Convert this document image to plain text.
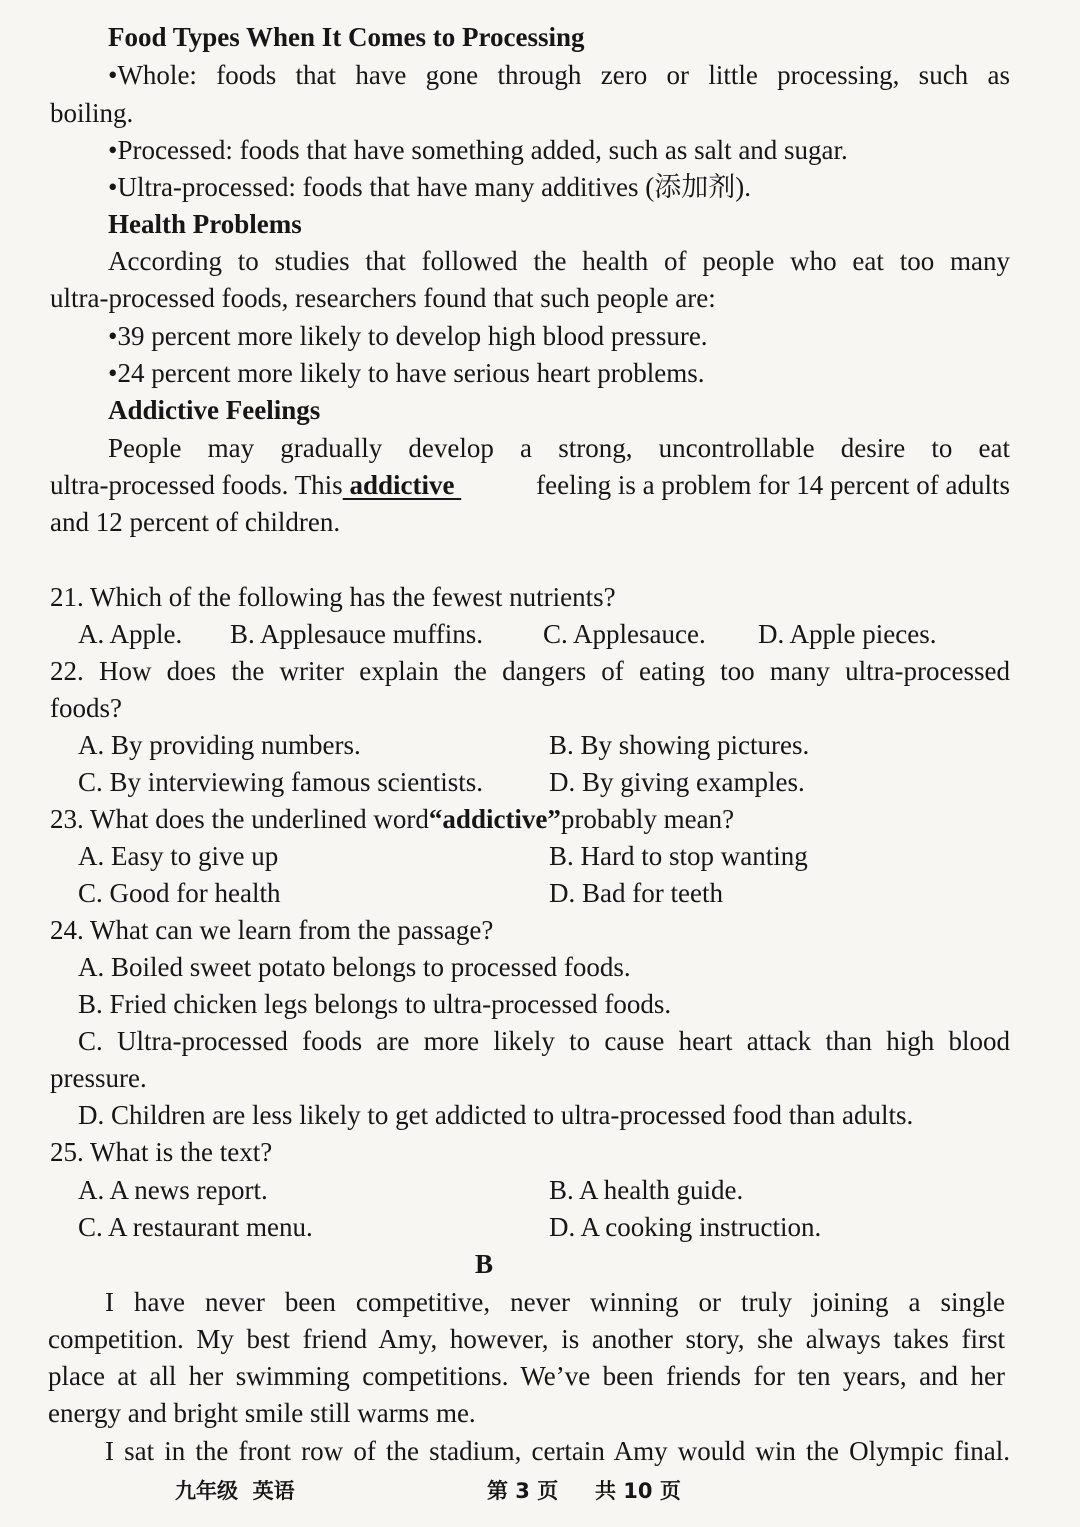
Food Types When It Comes to Processing
•Whole: foods that have gone through zero or little processing, such as
boiling.
•Processed: foods that have something added, such as salt and sugar.
•Ultra-processed: foods that have many additives (添加剂).
Health Problems
According to studies that followed the health of people who eat too many
ultra-processed foods, researchers found that such people are:
•39 percent more likely to develop high blood pressure.
•24 percent more likely to have serious heart problems.
Addictive Feelings
People may gradually develop a strong, uncontrollable desire to eat
ultra-processed foods. This addictive	feeling is a problem for 14 percent of adults
and 12 percent of children.
21. Which of the following has the fewest nutrients?
A. Apple. B. Applesauce muffins. C. Applesauce. D. Apple pieces.
22. How does the writer explain the dangers of eating too many ultra-processed
foods?
A. By providing numbers.	B. By showing pictures.
C. By interviewing famous scientists. D. By giving examples.
23. What does the underlined word“addictive”probably mean?
A. Easy to give up	B. Hard to stop wanting
C. Good for health	D. Bad for teeth
24. What can we learn from the passage?
A. Boiled sweet potato belongs to processed foods.
B. Fried chicken legs belongs to ultra-processed foods.
C. Ultra-processed foods are more likely to cause heart attack than high blood
pressure.
D. Children are less likely to get addicted to ultra-processed food than adults.
25. What is the text?
A. A news report.	B. A health guide.
C. A restaurant menu.	D. A cooking instruction.
B
I have never been competitive, never winning or truly joining a single
competition. My best friend Amy, however, is another story, she always takes first
place at all her swimming competitions. We’ve been friends for ten years, and her
energy and bright smile still warms me.
I sat in the front row of the stadium, certain Amy would win the Olympic final.
九年级  英语	第 3 页 共 10 页
